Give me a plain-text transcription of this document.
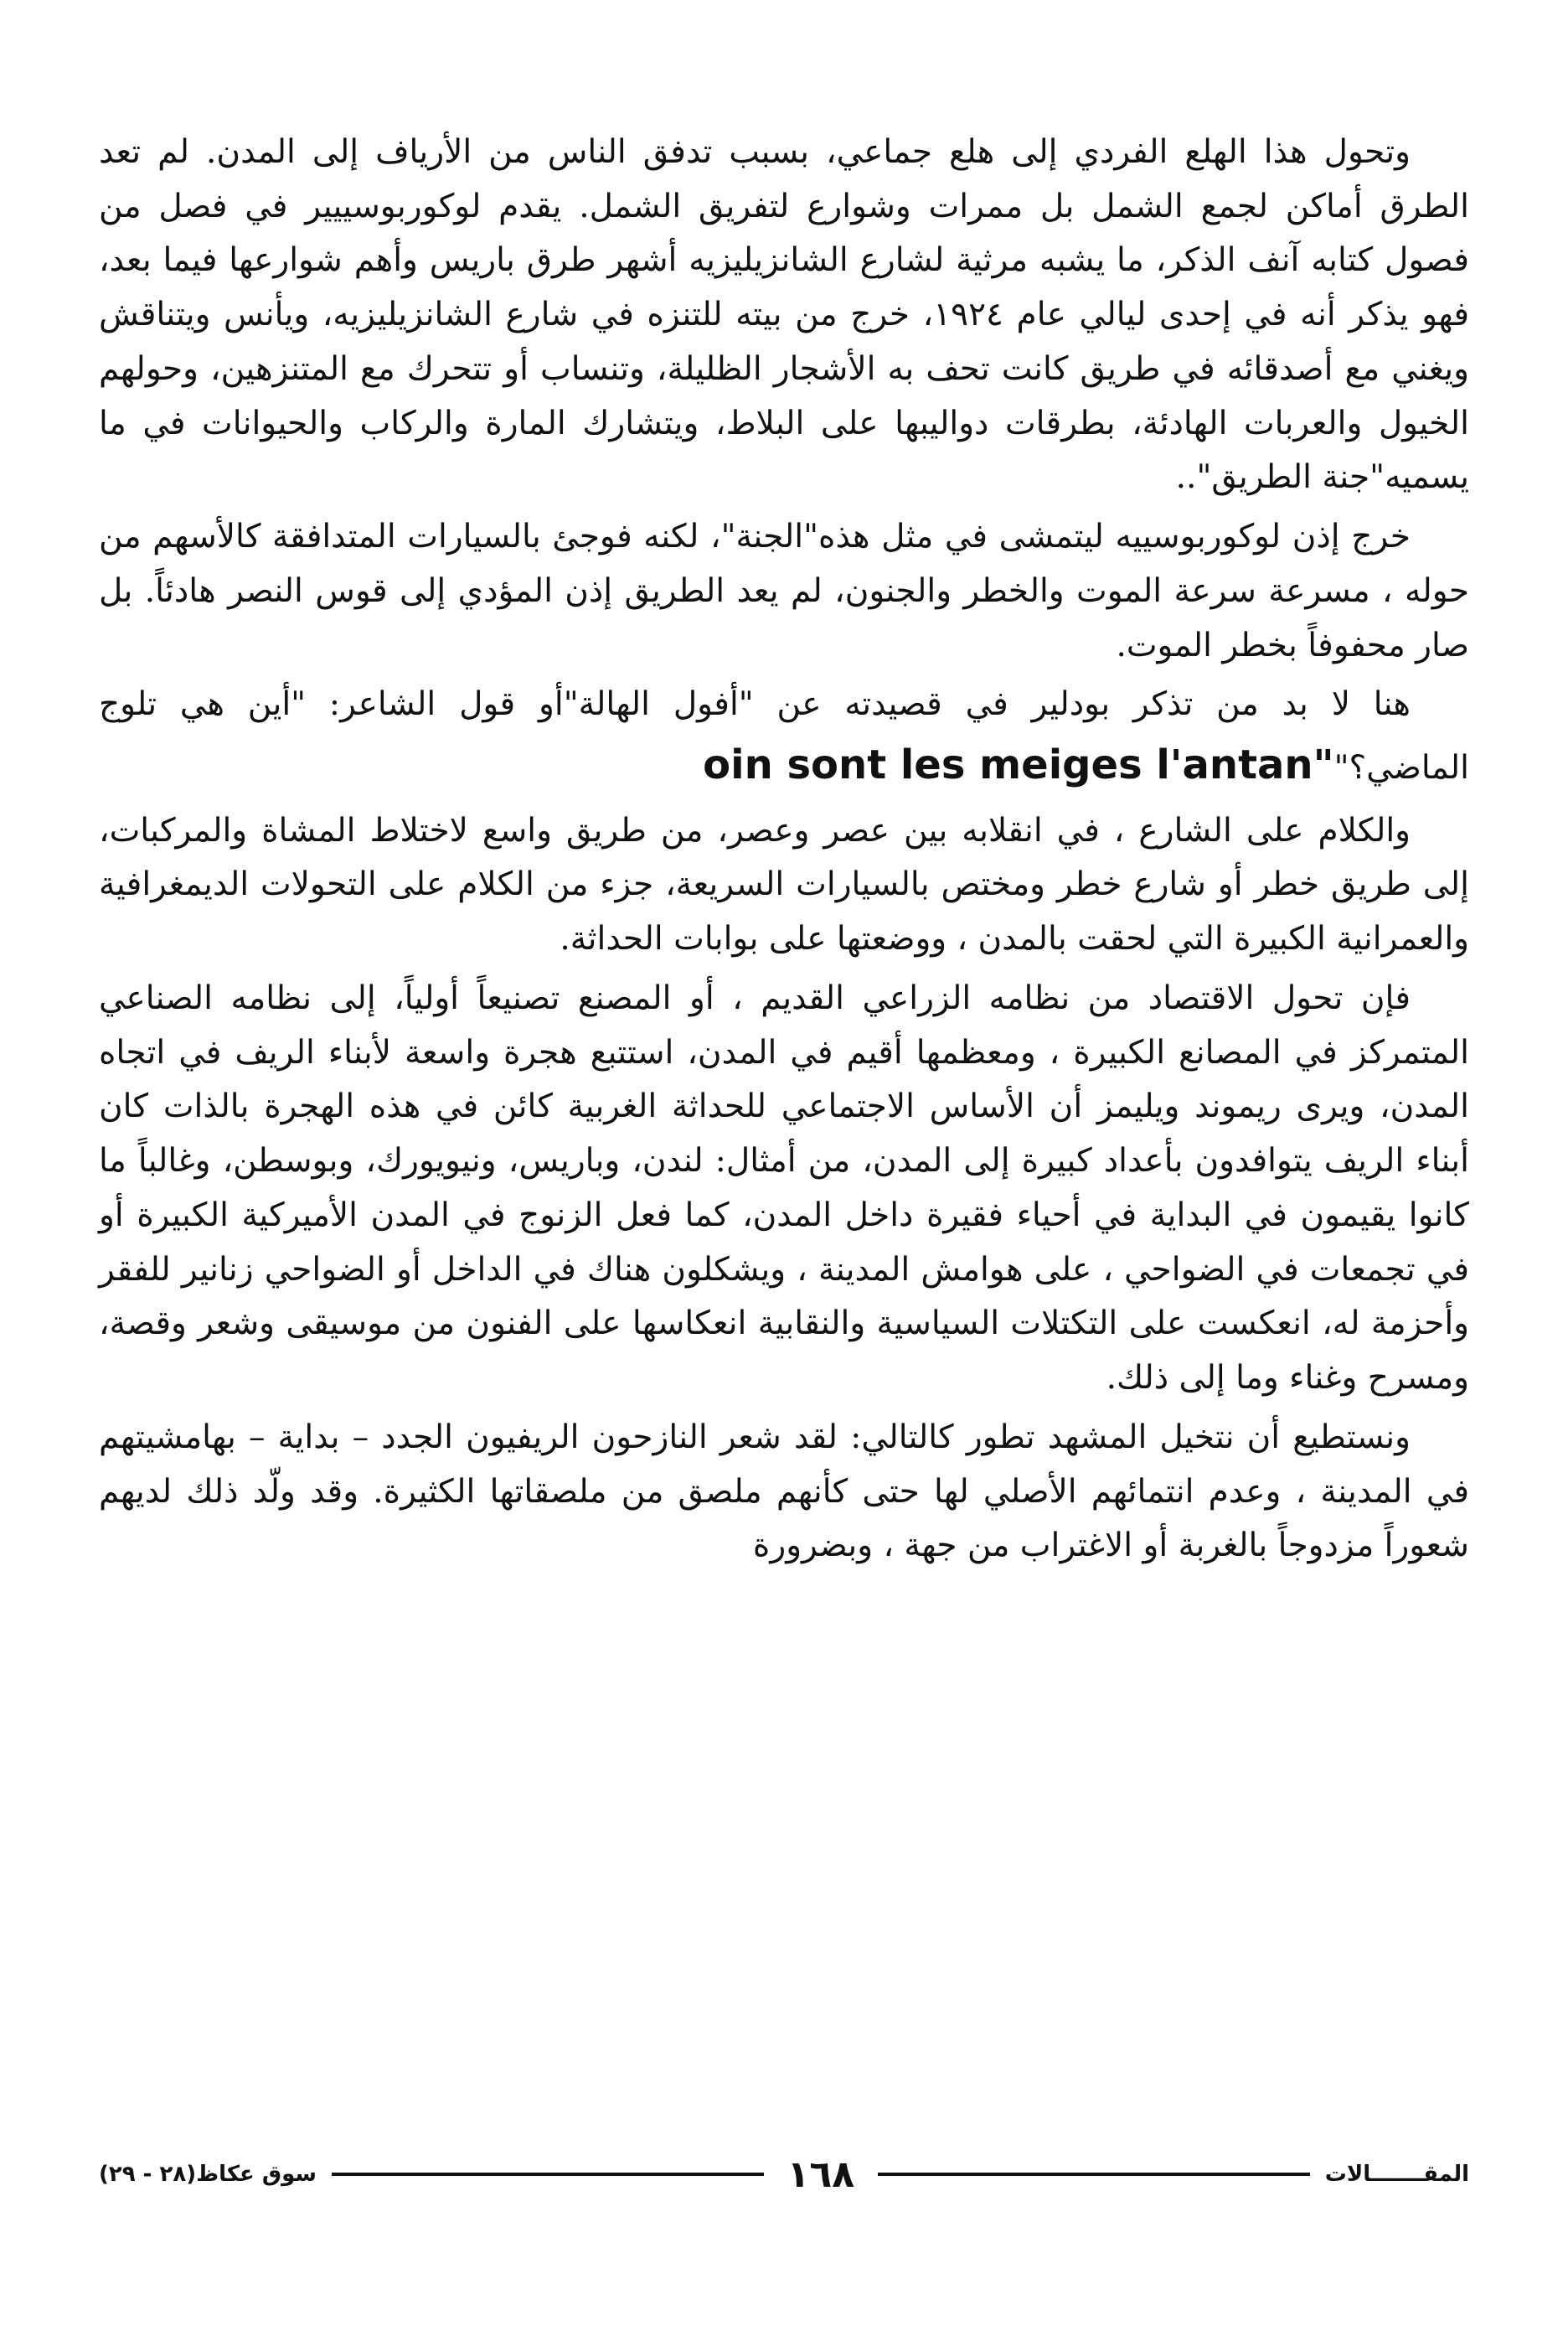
وتحول هذا الهلع الفردي إلى هلع جماعي، بسبب تدفق الناس من الأرياف إلى المدن. لم تعد الطرق أماكن لجمع الشمل بل ممرات وشوارع لتفريق الشمل. يقدم لوكوربوسييير في فصل من فصول كتابه آنف الذكر، ما يشبه مرثية لشارع الشانزيليزيه أشهر طرق باريس وأهم شوارعها فيما بعد، فهو يذكر أنه في إحدى ليالي عام ١٩٢٤، خرج من بيته للتنزه في شارع الشانزيليزيه، ويأنس ويتناقش ويغني مع أصدقائه في طريق كانت تحف به الأشجار الظليلة، وتنساب أو تتحرك مع المتنزهين، وحولهم الخيول والعربات الهادئة، بطرقات دواليبها على البلاط، ويتشارك المارة والركاب والحيوانات في ما يسميه"جنة الطريق"..

خرج إذن لوكوربوسييه ليتمشى في مثل هذه"الجنة"، لكنه فوجئ بالسيارات المتدافقة كالأسهم من حوله ، مسرعة سرعة الموت والخطر والجنون، لم يعد الطريق إذن المؤدي إلى قوس النصر هادئاً. بل صار محفوفاً بخطر الموت.

هنا لا بد من تذكر بودلير في قصيدته عن "أفول الهالة"أو قول الشاعر: "أين هي تلوج الماضي؟"oin sont les meiges l'antan"

والكلام على الشارع ، في انقلابه بين عصر وعصر، من طريق واسع لاختلاط المشاة والمركبات، إلى طريق خطر أو شارع خطر ومختص بالسيارات السريعة، جزء من الكلام على التحولات الديمغرافية والعمرانية الكبيرة التي لحقت بالمدن ، ووضعتها على بوابات الحداثة.

فإن تحول الاقتصاد من نظامه الزراعي القديم ، أو المصنع تصنيعاً أولياً، إلى نظامه الصناعي المتمركز في المصانع الكبيرة ، ومعظمها أقيم في المدن، استتبع هجرة واسعة لأبناء الريف في اتجاه المدن، ويرى ريموند ويليمز أن الأساس الاجتماعي للحداثة الغربية كائن في هذه الهجرة بالذات كان أبناء الريف يتوافدون بأعداد كبيرة إلى المدن، من أمثال: لندن، وباريس، ونيويورك، وبوسطن، وغالباً ما كانوا يقيمون في البداية في أحياء فقيرة داخل المدن، كما فعل الزنوج في المدن الأميركية الكبيرة أو في تجمعات في الضواحي ، على هوامش المدينة ، ويشكلون هناك في الداخل أو الضواحي زنانير للفقر وأحزمة له، انعكست على التكتلات السياسية والنقابية انعكاسها على الفنون من موسيقى وشعر وقصة، ومسرح وغناء وما إلى ذلك.

ونستطيع أن نتخيل المشهد تطور كالتالي: لقد شعر النازحون الريفيون الجدد – بداية – بهامشيتهم في المدينة ، وعدم انتمائهم الأصلي لها حتى كأنهم ملصق من ملصقاتها الكثيرة. وقد ولّد ذلك لديهم شعوراً مزدوجاً بالغربة أو الاغتراب من جهة ، وبضرورة

المقـــــــالات
١٦٨
سوق عكاظ(٢٨ - ٢٩)
